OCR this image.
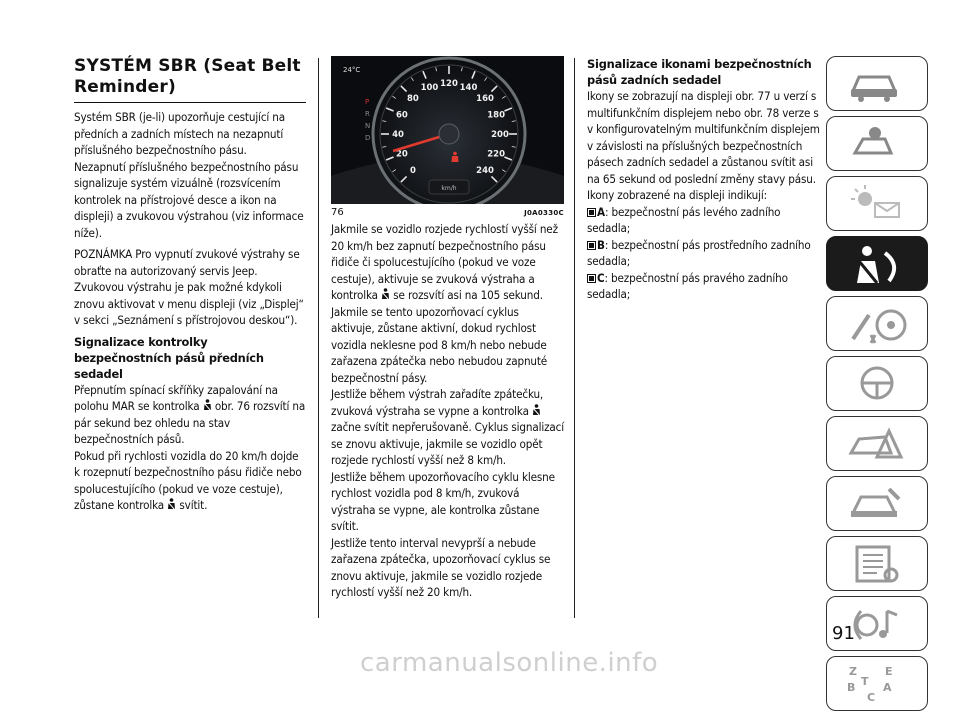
SYSTÉM SBR (Seat Belt Reminder)

Systém SBR (je-li) upozorňuje cestující na předních a zadních místech na nezapnutí příslušného bezpečnostního pásu.

Nezapnutí příslušného bezpečnostního pásu signalizuje systém vizuálně (rozsvícením kontrolek na přístrojové desce a ikon na displeji) a zvukovou výstrahou (viz informace níže).

POZNÁMKA Pro vypnutí zvukové výstrahy se obraťte na autorizovaný servis Jeep. Zvukovou výstrahu je pak možné kdykoli znovu aktivovat v menu displeji (viz „Displej“ v sekci „Seznámení s přístrojovou deskou“).

Signalizace kontrolky bezpečnostních pásů předních sedadel

Přepnutím spínací skříňky zapalování na polohu MAR se kontrolka obr. 76 rozsvítí na pár sekund bez ohledu na stav bezpečnostních pásů.

Pokud při rychlosti vozidla do 20 km/h dojde k rozepnutí bezpečnostního pásu řidiče nebo spolucestujícího (pokud ve voze cestuje), zůstane kontrolka svítit.

0
20
40
60
80
100 120 140
160
180
200
220
240
km/h
24°C
P
R
N
D
76	J0A0330C

Jakmile se vozidlo rozjede rychlostí vyšší než 20 km/h bez zapnutí bezpečnostního pásu řidiče či spolucestujícího (pokud ve voze cestuje), aktivuje se zvuková výstraha a kontrolka se rozsvítí asi na 105 sekund.

Jakmile se tento upozorňovací cyklus aktivuje, zůstane aktivní, dokud rychlost vozidla neklesne pod 8 km/h nebo nebude zařazena zpátečka nebo nebudou zapnuté bezpečnostní pásy.

Jestliže během výstrah zařadíte zpátečku, zvuková výstraha se vypne a kontrolka  začne svítit nepřerušovaně. Cyklus signalizací se znovu aktivuje, jakmile se vozidlo opět rozjede rychlostí vyšší než 8 km/h.

Jestliže během upozorňovacího cyklu klesne rychlost vozidla pod 8 km/h, zvuková výstraha se vypne, ale kontrolka zůstane svítit.

Jestliže tento interval nevyprší a nebude zařazena zpátečka, upozorňovací cyklus se znovu aktivuje, jakmile se vozidlo rozjede rychlostí vyšší než 20 km/h.

Signalizace ikonami bezpečnostních pásů zadních sedadel

Ikony se zobrazují na displeji obr. 77 u verzí s multifunkčním displejem nebo obr. 78 verze s v konfigurovatelným multifunkčním displejem v závislosti na příslušných bezpečnostních pásech zadních sedadel a zůstanou svítit asi na 65 sekund od poslední změny stavy pásu.

Ikony zobrazené na displeji indikují:

A: bezpečnostní pás levého zadního sedadla;

B: bezpečnostní pás prostředního zadního sedadla;

C: bezpečnostní pás pravého zadního sedadla;

Z	E
B	A
C
T
91
carmanualsonline.info
